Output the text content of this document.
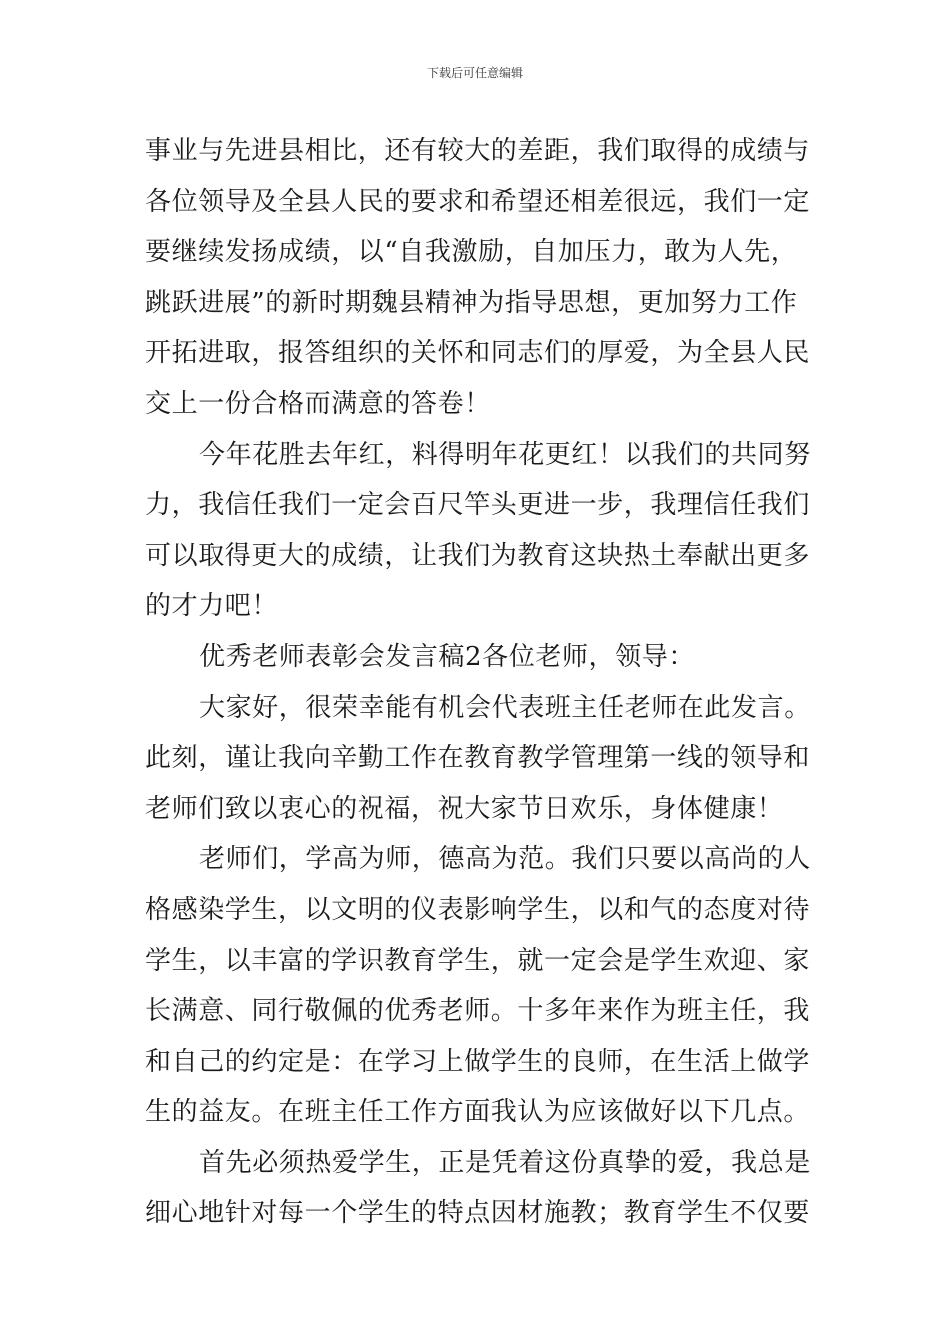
下载后可任意编辑
事业与先进县相比，还有较大的差距，我们取得的成绩与
各位领导及全县人民的要求和希望还相差很远，我们一定
要继续发扬成绩，以“自我激励，自加压力，敢为人先，
跳跃进展”的新时期魏县精神为指导思想，更加努力工作
开拓进取，报答组织的关怀和同志们的厚爱，为全县人民
交上一份合格而满意的答卷！
今年花胜去年红，料得明年花更红！以我们的共同努
力，我信任我们一定会百尺竿头更进一步，我理信任我们
可以取得更大的成绩，让我们为教育这块热土奉献出更多
的才力吧！
优秀老师表彰会发言稿2各位老师，领导：
大家好，很荣幸能有机会代表班主任老师在此发言。
此刻，谨让我向辛勤工作在教育教学管理第一线的领导和
老师们致以衷心的祝福，祝大家节日欢乐，身体健康！
老师们，学高为师，德高为范。我们只要以高尚的人
格感染学生，以文明的仪表影响学生，以和气的态度对待
学生，以丰富的学识教育学生，就一定会是学生欢迎、家
长满意、同行敬佩的优秀老师。十多年来作为班主任，我
和自己的约定是：在学习上做学生的良师，在生活上做学
生的益友。在班主任工作方面我认为应该做好以下几点。
首先必须热爱学生，正是凭着这份真挚的爱，我总是
细心地针对每一个学生的特点因材施教；教育学生不仅要
